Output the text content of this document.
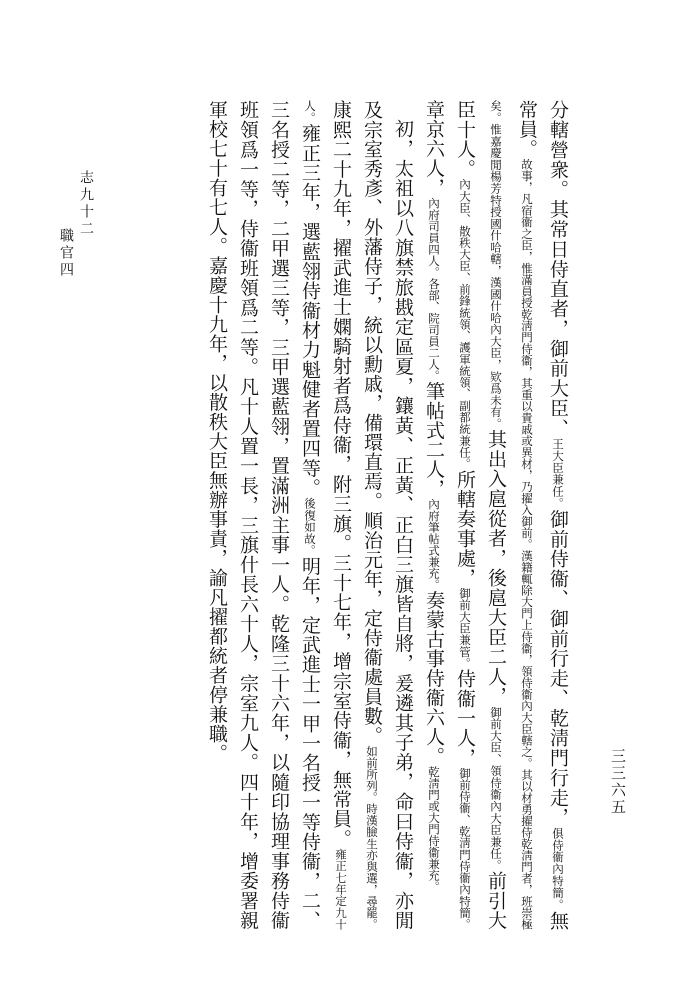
分轄營衆。其常日侍直者，御前大臣、王大臣兼任。御前侍衞、御前行走、乾淸門行走，俱侍衞內特簡。無常員。故事，凡宿衞之臣，惟滿員授乾淸門侍衞，其重以貴戚或異材，乃擢入御前。漢籍輒除大門上侍衞，領侍衞內大臣轄之。其以材勇擢侍乾淸門者，班崇極矣。惟嘉慶閒楊芳特授國什哈轄，漢國什哈內大臣，欵爲未有。其出入扈從者，後扈大臣二人，御前大臣、領侍衞內大臣兼任。前引大臣十人。內大臣、散秩大臣、前鋒統領、護軍統領、副都統兼任。所轄奏事處，御前大臣兼管。侍衞一人，御前侍衞、乾淸門侍衞內特簡。章京六人，內府司員四人。各部、院司員二人。筆帖式二人，內府筆帖式兼充。奏蒙古事侍衞六人。乾淸門或大門侍衞兼充。

初，太祖以八旗禁旅戡定區夏，鑲黃、正黃、正白三旗皆自將，爰遴其子弟，命曰侍衞，亦閒及宗室秀彥、外藩侍子，統以勳戚，備環直焉。順治元年，定侍衞處員數。如前所列。時漢臉生亦與選，尋罷。康熙二十九年，擢武進士嫻騎射者爲侍衞，附三旗。三十七年，增宗室侍衞，無常員。雍正七年定九十人。雍正三年，選藍翎侍衞材力魁健者置四等。後復如故。明年，定武進士一甲一名授一等侍衞，二、三名授二等，二甲選三等，三甲選藍翎，置滿洲主事一人。乾隆三十六年，以隨印協理事務侍衞班領爲一等，侍衞班領爲二等。凡十人置一長，三旗什長六十人，宗室九人。四十年，增委署親軍校七十有七人。嘉慶十九年，以散秩大臣無辦事責，諭凡擢都統者停兼職。

志九十二
職官四
三三六五
